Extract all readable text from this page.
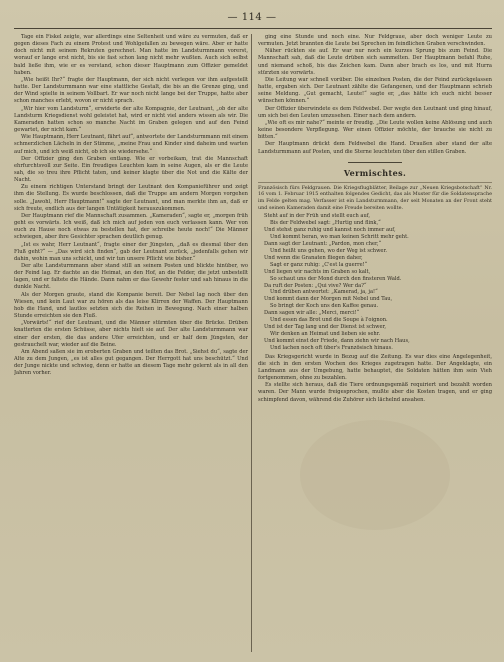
— 114 —

Tage ein Fiskel zeigte, war allerdings eine Seltenheit und wäre zu vermuten, daß er gegen dieses Fach zu einem Protest und Wohlgefallen zu bewegen wäre. Aber er hatte doch nicht mit seinem Rekruten gerechnet. Man hatte im Landsturmmann vorerst, worauf er lange erst nicht, bis sie fast schon lang nicht mehr wußten. Auch sich selbst bald ließe ihm, wie er es verstand, schon dieser Hauptmann zum Offizier gemeldet haben.

„Wie heißt Ihr?“ fragte der Hauptmann, der sich nicht verlegen vor ihm aufgestellt hatte. Der Landsturmmann war eine stattliche Gestalt, die bis an die Grenze ging, und der Wind spielte in seinem Vollbart. Er war noch nicht lange bei der Truppe, hatte aber schon manches erlebt, wovon er nicht sprach.

„Wir hier vom Landsturm“, erwiderte der alte Kompagnie, der Leutnant, „ob der alte Landsturm Kriegsdienst wohl geleistet hat, wird er nicht viel anders wissen als wir. Die Kameraden hatten schon so manche Nacht im Graben gelegen und auf den Feind gewartet, der nicht kam.“

Wie Hauptmann, Herr Leutnant, fährt auf“, antwortete der Landsturmmann mit einem schmerzlichen Lächeln in der Stimme, „meine Frau und Kinder sind daheim und warten auf mich, und ich weiß nicht, ob ich sie wiedersehe.“

Der Offizier ging den Graben entlang. Wie er vorbeikam, trat die Mannschaft ehrfurchtsvoll zur Seite. Ein freudiges Leuchten kam in seine Augen, als er die Leute sah, die so treu ihre Pflicht taten, und keiner klagte über die Not und die Kälte der Nacht.

Zu einem richtigen Unterstand bringt der Leutnant den Kompanieführer und zeigt ihm die Stellung. Es wurde beschlossen, daß die Truppe am andern Morgen vorgehen solle. „Jawohl, Herr Hauptmann!“ sagte der Leutnant, und man merkte ihm an, daß er sich freute, endlich aus der langen Untätigkeit herauszukommen.

Der Hauptmann rief die Mannschaft zusammen. „Kameraden“, sagte er, „morgen früh geht es vorwärts. Ich weiß, daß ich mich auf jeden von euch verlassen kann. Wer von euch zu Hause noch etwas zu bestellen hat, der schreibe heute noch!“ Die Männer schwiegen, aber ihre Gesichter sprachen deutlich genug.

„Ist es wahr, Herr Leutnant“, fragte einer der Jüngsten, „daß es diesmal über den Fluß geht?“ — „Das wird sich finden“, gab der Leutnant zurück, „jedenfalls gehen wir dahin, wohin man uns schickt, und wir tun unsere Pflicht wie bisher.“

Der alte Landsturmmann aber stand still an seinem Posten und blickte hinüber, wo der Feind lag. Er dachte an die Heimat, an den Hof, an die Felder, die jetzt unbestellt lagen, und er faltete die Hände. Dann nahm er das Gewehr fester und sah hinaus in die dunkle Nacht.

Als der Morgen graute, stand die Kompanie bereit. Der Nebel lag noch über den Wiesen, und kein Laut war zu hören als das leise Klirren der Waffen. Der Hauptmann hob die Hand, und lautlos setzten sich die Reihen in Bewegung. Nach einer halben Stunde erreichten sie den Fluß.

„Vorwärts!“ rief der Leutnant, und die Männer stürmten über die Brücke. Drüben knatterten die ersten Schüsse, aber nichts hielt sie auf. Der alte Landsturmmann war einer der ersten, die das andere Ufer erreichten, und er half dem Jüngsten, der gestrauchelt war, wieder auf die Beine.

Am Abend saßen sie im eroberten Graben und teilten das Brot. „Siehst du“, sagte der Alte zu dem Jungen, „es ist alles gut gegangen. Der Herrgott hat uns beschützt.“ Und der Junge nickte und schwieg, denn er hatte an diesem Tage mehr gelernt als in all den Jahren vorher.

ging eine Stunde und noch eine. Nur Feldgraue, aber doch weniger Leute zu vermuten. Jetzt brannten die Leute bei Sprechen im feindlichen Graben verschwinden.

Näher rückten sie auf. Er war nur noch ein kurzes Sprung bis zum Feind. Die Mannschaft sah, daß die Leute drüben sich sammelten. Der Hauptmann befahl Ruhe, und niemand schoß, bis das Zeichen kam. Dann aber brach es los, und mit Hurra stürzten sie vorwärts.

Die Leitung war schnell vorüber. Die einzelnen Posten, die der Feind zurückgelassen hatte, ergaben sich. Der Leutnant zählte die Gefangenen, und der Hauptmann schrieb seine Meldung. „Gut gemacht, Leute!“ sagte er, „das hätte ich euch nicht besser wünschen können.“

Der Offizier überwindete es dem Feldwebel. Der wegte den Leutnant und ging hinauf, um sich bei den Leuten umzusehen. Einer nach dem andern.

„Wie oft es mir nahe?“ meinte er freudig. „Die Leute wollen keine Ablösung und auch keine besondere Verpflegung. Wer einen Offizier möchte, der brauche sie nicht zu bitten.“

Der Hauptmann drückt dem Feldwebel die Hand. Draußen aber stand der alte Landsturmmann auf Posten, und die Sterne leuchteten über den stillen Graben.

Vermischtes.
Französisch fürs Feldgrauen. Die Kriegsflugblätter, Beilage zur „Neuen Kriegsbotschaft“ Nr. 16 vom 1. Februar 1915 enthalten folgendes Gedicht, das als Muster für die Soldatensprache im Felde gelten mag. Verfasser ist ein Landsturmmann, der seit Monaten an der Front steht und seinen Kameraden damit eine Freude bereiten wollte.
Steht auf in der Früh und stellt euch auf,
Bis der Feldwebel sagt: „Hurtig und flink,“
Und stehst ganz ruhig und kannst noch immer auf,
Und kommt heran, wo man keinen Schritt mehr geht.
Dann sagt der Leutnant: „Pardon, mon cher,“
Und heißt uns gehen, wo der Weg ist schwer.
Und wenn die Granaten fliegen daher,
Sagt er ganz ruhig: „C'est la guerre!“
Und liegen wir nachts im Graben so kalt,
So schaut uns der Mond durch den finsteren Wald.
Da ruft der Posten: „Qui vive? Wer da?“
Und drüben antwortet: „Kamerad, ja, ja!“
Und kommt dann der Morgen mit Nebel und Tau,
So bringt der Koch uns den Kaffee genau.
Dann sagen wir alle: „Merci, merci!“
Und essen das Brot und die Soupe à l'oignon.
Und ist der Tag lang und der Dienst ist schwer,
Wir denken an Heimat und lieben sie sehr.
Und kommt einst der Friede, dann ziehn wir nach Haus,
Und lachen noch oft über's Französisch hinaus.

Das Kriegsgericht wurde in Bezug auf die Zeitung. Es war dies eine Angelegenheit, die sich in den ersten Wochen des Krieges zugetragen hatte. Der Angeklagte, ein Landmann aus der Umgebung, hatte behauptet, die Soldaten hätten ihm sein Vieh fortgenommen, ohne zu bezahlen.

Es stellte sich heraus, daß die Tiere ordnungsgemäß requiriert und bezahlt worden waren. Der Mann wurde freigesprochen, mußte aber die Kosten tragen, und er ging schimpfend davon, während die Zuhörer sich lächelnd ansahen.
